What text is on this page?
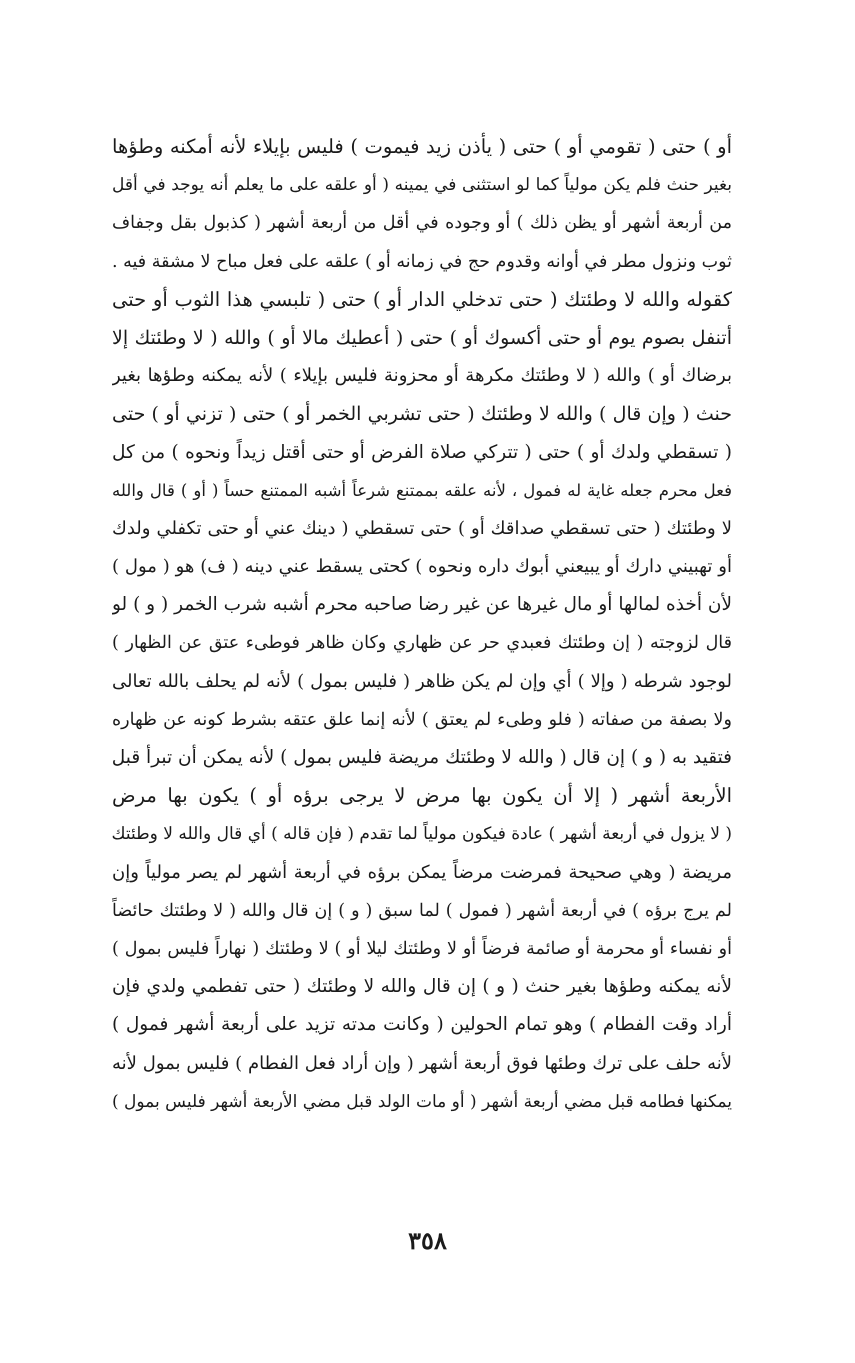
أو ) حتى ( تقومي أو ) حتى ( يأذن زيد فيموت ) فليس بإيلاء لأنه أمكنه وطؤها
بغير حنث فلم يكن مولياً كما لو استثنى في يمينه ( أو علقه على ما يعلم أنه يوجد في أقل
من أربعة أشهر أو يظن ذلك ) أو وجوده في أقل من أربعة أشهر ( كذبول بقل وجفاف
ثوب ونزول مطر في أوانه وقدوم حج في زمانه أو ) علقه على فعل مباح لا مشقة فيه .
كقوله والله لا وطئتك ( حتى تدخلي الدار أو ) حتى ( تلبسي هذا الثوب أو حتى
أتنفل بصوم يوم أو حتى أكسوك أو ) حتى ( أعطيك مالا أو ) والله ( لا وطئتك إلا
برضاك أو ) والله ( لا وطئتك مكرهة أو محزونة فليس بإيلاء ) لأنه يمكنه وطؤها بغير
حنث ( وإن قال ) والله لا وطئتك ( حتى تشربي الخمر أو ) حتى ( تزني أو ) حتى
( تسقطي ولدك أو ) حتى ( تتركي صلاة الفرض أو حتى أقتل زيداً ونحوه ) من كل
فعل محرم جعله غاية له فمول ، لأنه علقه بممتنع شرعاً أشبه الممتنع حساً ( أو ) قال والله
لا وطئتك ( حتى تسقطي صداقك أو ) حتى تسقطي ( دينك عني أو حتى تكفلي ولدك
أو تهبيني دارك أو يبيعني أبوك داره ونحوه ) كحتى يسقط عني دينه ( ف) هو ( مول )
لأن أخذه لمالها أو مال غيرها عن غير رضا صاحبه محرم أشبه شرب الخمر ( و ) لو
قال لزوجته ( إن وطئتك فعبدي حر عن ظهاري وكان ظاهر فوطىء عتق عن الظهار )
لوجود شرطه ( وإلا ) أي وإن لم يكن ظاهر ( فليس بمول ) لأنه لم يحلف بالله تعالى
ولا بصفة من صفاته ( فلو وطىء لم يعتق ) لأنه إنما علق عتقه بشرط كونه عن ظهاره
فتقيد به ( و ) إن قال ( والله لا وطئتك مريضة فليس بمول ) لأنه يمكن أن تبرأ قبل
الأربعة أشهر ( إلا أن يكون بها مرض لا يرجى برؤه أو ) يكون بها مرض
( لا يزول في أربعة أشهر ) عادة فيكون مولياً لما تقدم ( فإن قاله ) أي قال والله لا وطئتك
مريضة ( وهي صحيحة فمرضت مرضاً يمكن برؤه في أربعة أشهر لم يصر مولياً وإن
لم يرج برؤه ) في أربعة أشهر ( فمول ) لما سبق ( و ) إن قال والله ( لا وطئتك حائضاً
أو نفساء أو محرمة أو صائمة فرضاً أو لا وطئتك ليلا أو ) لا وطئتك ( نهاراً فليس بمول )
لأنه يمكنه وطؤها بغير حنث ( و ) إن قال والله لا وطئتك ( حتى تفطمي ولدي فإن
أراد وقت الفطام ) وهو تمام الحولين ( وكانت مدته تزيد على أربعة أشهر فمول )
لأنه حلف على ترك وطئها فوق أربعة أشهر ( وإن أراد فعل الفطام ) فليس بمول لأنه
يمكنها فطامه قبل مضي أربعة أشهر ( أو مات الولد قبل مضي الأربعة أشهر فليس بمول )
٣٥٨
